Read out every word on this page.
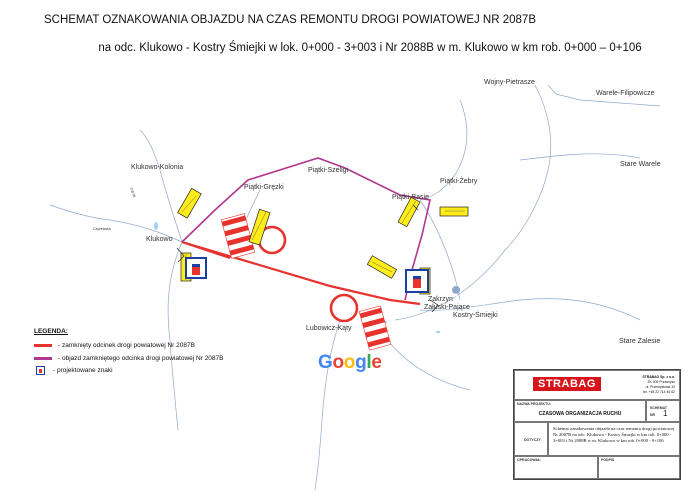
SCHEMAT OZNAKOWANIA OBJAZDU NA CZAS REMONTU DROGI POWIATOWEJ NR 2087B
na odc. Klukowo - Kostry Śmiejki w lok. 0+000 - 3+003 i Nr 2088B w m. Klukowo w km rob. 0+000 – 0+106
2087B
Wojny-Pietrasze
Warele-Filipowicze
Klukowo-Kolonia	Piątki-Szeligi
Piątki-Gręzki
Piątki-Żebry
Stare Warele
Klukowo
Piątki-Basie
Lubowicz-Kąty
Zakrzyn
Załuski-Pające
Kostry-Śmiejki
Stare Zalesie
Czyżewska
LEGENDA:
- zamknięty odcinek drogi powiatowej Nr 2087B
- objazd zamkniętego odcinka drogi powiatowej Nr 2087B
- projektowane znaki	Google
STRABAG
STRABAG Sp. z o.o.
ZK 005 Przasnysz
ul. Przemysłowa 10
tel. +48 22 714 46 62
NAZWA PROJEKTU:
CZASOWA ORGANIZACJA RUCHU
SCHEMAT
NR 1
DOTYCZY
Schemat oznakowania objazdu na czas remontu drogi powiatowej Nr 2087B na odc. Klukowo - Kostry Śmiejki w km rob. 0+000 - 3+003 i Nr 2088B w m. Klukowo w km rob. 0+000 - 0+106
OPRACOWAŁ:	PODPIS
